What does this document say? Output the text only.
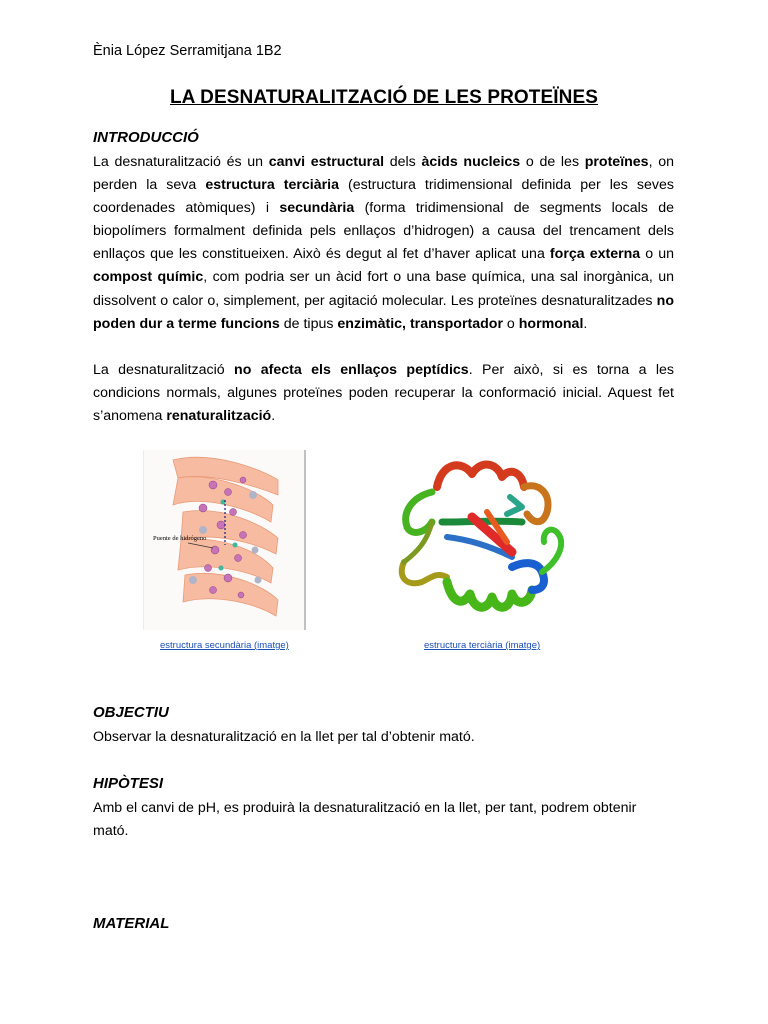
Ènia López Serramitjana 1B2
LA DESNATURALITZACIÓ DE LES PROTEÏNES
INTRODUCCIÓ

La desnaturalització és un canvi estructural dels àcids nucleics o de les proteïnes, on perden la seva estructura terciària (estructura tridimensional definida per les seves coordenades atòmiques) i secundària (forma tridimensional de segments locals de biopolímers formalment definida pels enllaços d’hidrogen) a causa del trencament dels enllaços que les constitueixen. Això és degut al fet d’haver aplicat una força externa o un compost químic, com podria ser un àcid fort o una base química, una sal inorgànica, un dissolvent o calor o, simplement, per agitació molecular. Les proteïnes desnaturalitzades no poden dur a terme funcions de tipus enzimàtic, transportador o hormonal.

La desnaturalització no afecta els enllaços peptídics. Per això, si es torna a les condicions normals, algunes proteïnes poden recuperar la conformació inicial. Aquest fet s’anomena renaturalització.

Puente de hidrógeno
estructura secundària (imatge)	estructura terciària (imatge)
OBJECTIU

Observar la desnaturalització en la llet per tal d’obtenir mató.

HIPÒTESI

Amb el canvi de pH, es produirà la desnaturalització en la llet, per tant, podrem obtenir

mató.

MATERIAL
